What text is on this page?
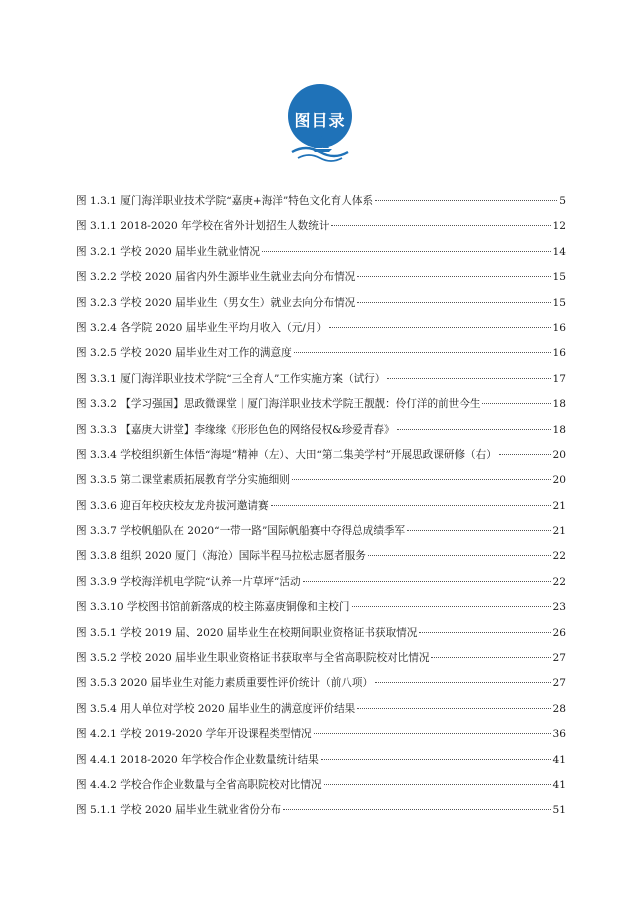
图目录
图 1.3.1 厦门海洋职业技术学院“嘉庚+海洋”特色文化育人体系	5
图 3.1.1 2018-2020 年学校在省外计划招生人数统计	12
图 3.2.1 学校 2020 届毕业生就业情况	14
图 3.2.2 学校 2020 届省内外生源毕业生就业去向分布情况	15
图 3.2.3 学校 2020 届毕业生（男女生）就业去向分布情况	15
图 3.2.4 各学院 2020 届毕业生平均月收入（元/月）	16
图 3.2.5 学校 2020 届毕业生对工作的满意度	16
图 3.3.1 厦门海洋职业技术学院“三全育人”工作实施方案（试行）	17
图 3.3.2 【学习强国】思政微课堂｜厦门海洋职业技术学院王靓靓：伶仃洋的前世今生	18
图 3.3.3 【嘉庚大讲堂】李缘缘《形形色色的网络侵权&珍爱青春》	18
图 3.3.4 学校组织新生体悟“海堤”精神（左）、大田“第二集美学村”开展思政课研修（右）	20
图 3.3.5 第二课堂素质拓展教育学分实施细则	20
图 3.3.6 迎百年校庆校友龙舟拔河邀请赛	21
图 3.3.7 学校帆船队在 2020“一带一路”国际帆船赛中夺得总成绩季军	21
图 3.3.8 组织 2020 厦门（海沧）国际半程马拉松志愿者服务	22
图 3.3.9 学校海洋机电学院“认养一片草坪”活动	22
图 3.3.10 学校图书馆前新落成的校主陈嘉庚铜像和主校门	23
图 3.5.1 学校 2019 届、2020 届毕业生在校期间职业资格证书获取情况	26
图 3.5.2 学校 2020 届毕业生职业资格证书获取率与全省高职院校对比情况	27
图 3.5.3 2020 届毕业生对能力素质重要性评价统计（前八项）	27
图 3.5.4 用人单位对学校 2020 届毕业生的满意度评价结果	28
图 4.2.1 学校 2019-2020 学年开设课程类型情况	36
图 4.4.1 2018-2020 年学校合作企业数量统计结果	41
图 4.4.2 学校合作企业数量与全省高职院校对比情况	41
图 5.1.1 学校 2020 届毕业生就业省份分布	51
